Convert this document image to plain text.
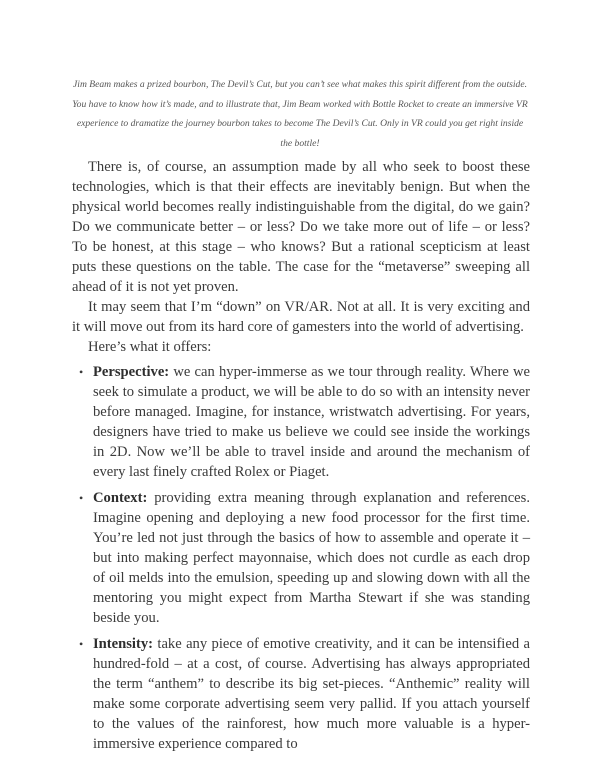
Jim Beam makes a prized bourbon, The Devil’s Cut, but you can’t see what makes this spirit different from the outside. You have to know how it’s made, and to illustrate that, Jim Beam worked with Bottle Rocket to create an immersive VR experience to dramatize the journey bourbon takes to become The Devil’s Cut. Only in VR could you get right inside the bottle!

There is, of course, an assumption made by all who seek to boost these technologies, which is that their effects are inevitably benign. But when the physical world becomes really indistinguishable from the digital, do we gain? Do we communicate better – or less? Do we take more out of life – or less? To be honest, at this stage – who knows? But a rational scepticism at least puts these questions on the table. The case for the “metaverse” sweeping all ahead of it is not yet proven.

It may seem that I’m “down” on VR/AR. Not at all. It is very exciting and it will move out from its hard core of gamesters into the world of advertising.

Here’s what it offers:

• Perspective: we can hyper-immerse as we tour through reality. Where we seek to simulate a product, we will be able to do so with an intensity never before managed. Imagine, for instance, wristwatch advertising. For years, designers have tried to make us believe we could see inside the workings in 2D. Now we’ll be able to travel inside and around the mechanism of every last finely crafted Rolex or Piaget.
• Context: providing extra meaning through explanation and references. Imagine opening and deploying a new food processor for the first time. You’re led not just through the basics of how to assemble and operate it – but into making perfect mayonnaise, which does not curdle as each drop of oil melds into the emulsion, speeding up and slowing down with all the mentoring you might expect from Martha Stewart if she was standing beside you.
• Intensity: take any piece of emotive creativity, and it can be intensified a hundred-fold – at a cost, of course. Advertising has always appropriated the term “anthem” to describe its big set-pieces. “Anthemic” reality will make some corporate advertising seem very pallid. If you attach yourself to the values of the rainforest, how much more valuable is a hyper-immersive experience compared to
